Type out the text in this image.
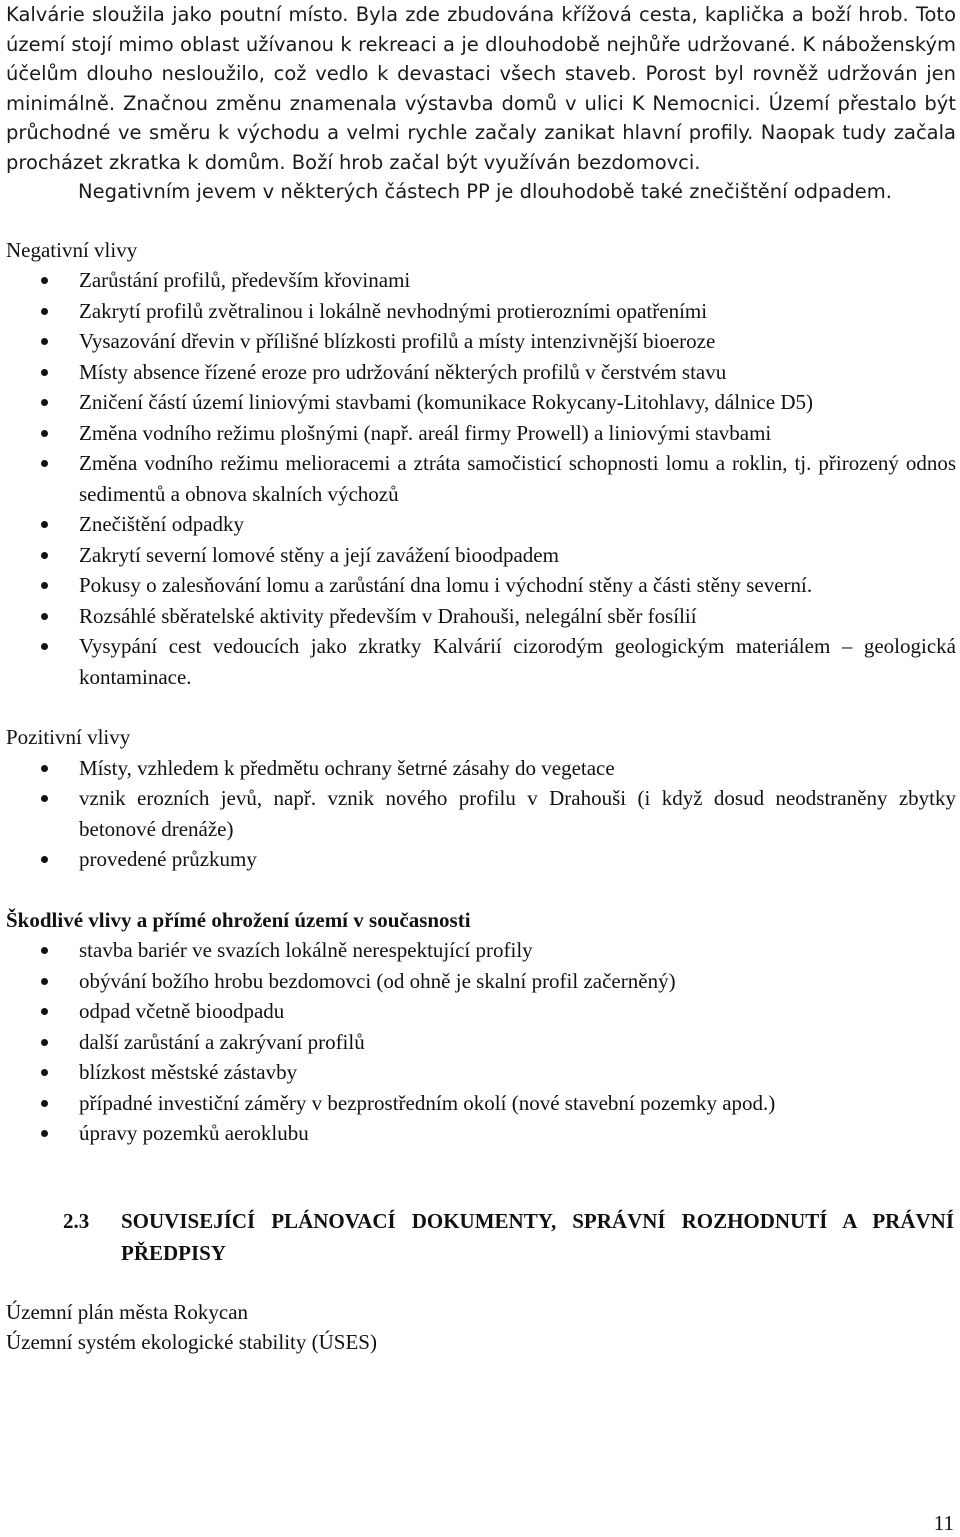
Kalvárie sloužila jako poutní místo. Byla zde zbudována křížová cesta, kaplička a boží hrob. Toto území stojí mimo oblast užívanou k rekreaci a je dlouhodobě nejhůře udržované. K náboženským účelům dlouho nesloužilo, což vedlo k devastaci všech staveb. Porost byl rovněž udržován jen minimálně. Značnou změnu znamenala výstavba domů v ulici K Nemocnici. Území přestalo být průchodné ve směru k východu a velmi rychle začaly zanikat hlavní profily. Naopak tudy začala procházet zkratka k domům. Boží hrob začal být využíván bezdomovci.

Negativním jevem v některých částech PP je dlouhodobě také znečištění odpadem.

Negativní vlivy
Zarůstání profilů, především křovinami
Zakrytí profilů zvětralinou i lokálně nevhodnými protierozními opatřeními
Vysazování dřevin v přílišné blízkosti profilů a místy intenzivnější bioeroze
Místy absence řízené eroze pro udržování některých profilů v čerstvém stavu
Zničení částí území liniovými stavbami (komunikace Rokycany-Litohlavy, dálnice D5)
Změna vodního režimu plošnými (např. areál firmy Prowell) a liniovými stavbami
Změna vodního režimu melioracemi a ztráta samočisticí schopnosti lomu a roklin, tj. přirozený odnos sedimentů a obnova skalních výchozů
Znečištění odpadky
Zakrytí severní lomové stěny a její zavážení bioodpadem
Pokusy o zalesňování lomu a zarůstání dna lomu i východní stěny a části stěny severní.
Rozsáhlé sběratelské aktivity především v Drahouši, nelegální sběr fosílií
Vysypání cest vedoucích jako zkratky Kalvárií cizorodým geologickým materiálem – geologická kontaminace.
Pozitivní vlivy
Místy, vzhledem k předmětu ochrany šetrné zásahy do vegetace
vznik erozních jevů, např. vznik nového profilu v Drahouši (i když dosud neodstraněny zbytky betonové drenáže)
provedené průzkumy
Škodlivé vlivy a přímé ohrožení území v současnosti
stavba bariér ve svazích lokálně nerespektující profily
obývání božího hrobu bezdomovci (od ohně je skalní profil začerněný)
odpad včetně bioodpadu
další zarůstání a zakrývaní profilů
blízkost městské zástavby
případné investiční záměry v bezprostředním okolí (nové stavební pozemky apod.)
úpravy pozemků aeroklubu
2.3	SOUVISEJÍCÍ PLÁNOVACÍ DOKUMENTY, SPRÁVNÍ ROZHODNUTÍ A PRÁVNÍ PŘEDPISY

Územní plán města Rokycan

Územní systém ekologické stability (ÚSES)

11
